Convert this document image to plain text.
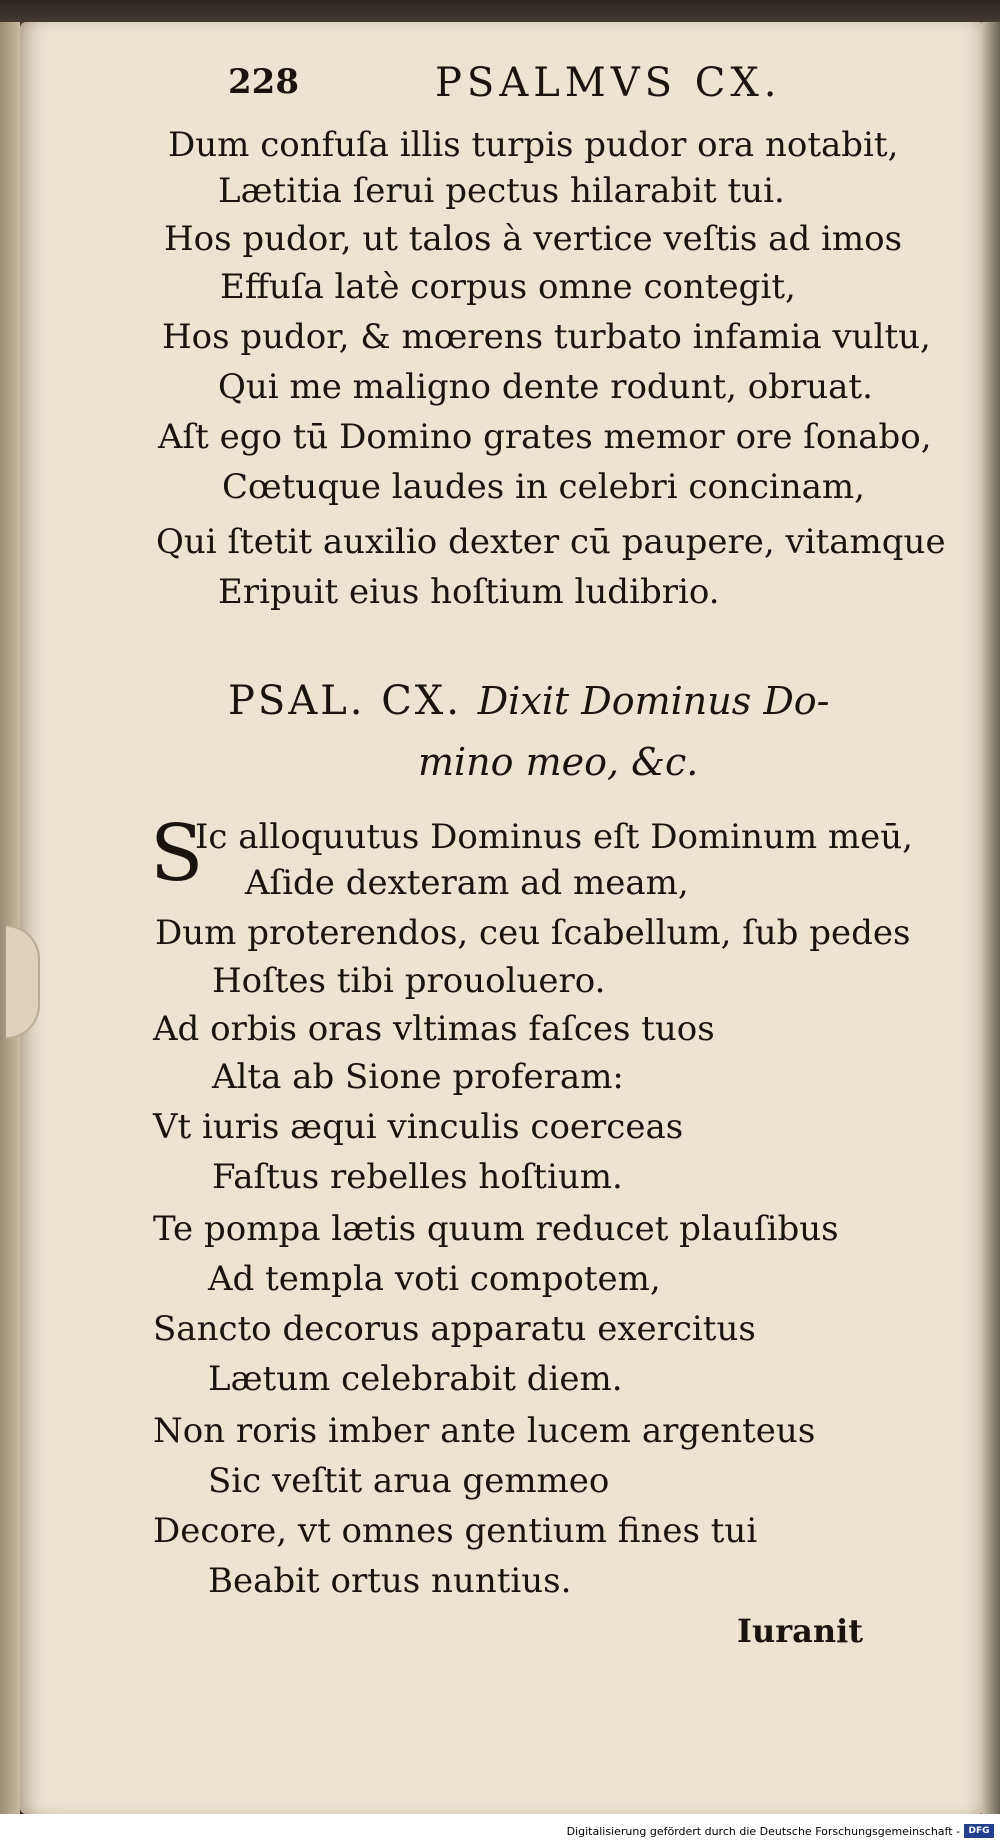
228	PSALMVS CX.
Dum confuſa illis turpis pudor ora notabit,
Lætitia ſerui pectus hilarabit tui.
Hos pudor, ut talos à vertice veſtis ad imos
Effuſa latè corpus omne contegit,
Hos pudor, & mœrens turbato infamia vultu,
Qui me maligno dente rodunt, obruat.
Aſt ego tū Domino grates memor ore ſonabo,
Cœtuque laudes in celebri concinam,
Qui ſtetit auxilio dexter cū paupere, vitamque
Eripuit eius hoſtium ludibrio.
PSAL. CX. Dixit Dominus Do-
mino meo, &c.
S
Ic alloquutus Dominus eſt Dominum meū,
Aſide dexteram ad meam,
Dum proterendos, ceu ſcabellum, ſub pedes
Hoſtes tibi prouoluero.
Ad orbis oras vltimas faſces tuos
Alta ab Sione proferam:
Vt iuris æqui vinculis coerceas
Faſtus rebelles hoſtium.
Te pompa lætis quum reducet plauſibus
Ad templa voti compotem,
Sancto decorus apparatu exercitus
Lætum celebrabit diem.
Non roris imber ante lucem argenteus
Sic veſtit arua gemmeo
Decore, vt omnes gentium fines tui
Beabit ortus nuntius.
Iuranit
Digitalisierung gefördert durch die Deutsche Forschungsgemeinschaft - DFG
